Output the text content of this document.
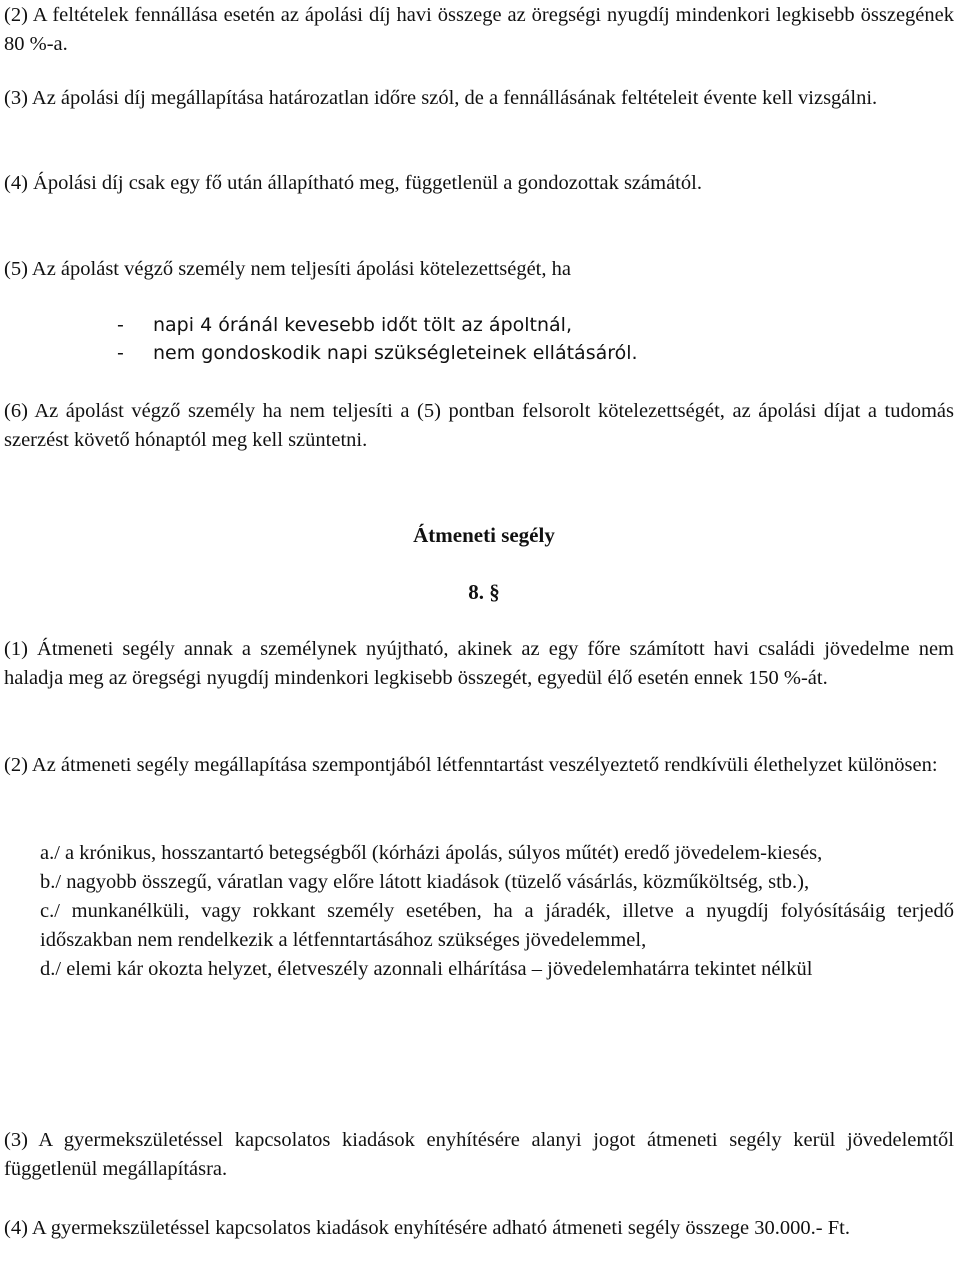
(2) A feltételek fennállása esetén az ápolási díj havi összege az öregségi nyugdíj mindenkori legkisebb összegének 80 %-a.

(3) Az ápolási díj megállapítása határozatlan időre szól, de a fennállásának feltételeit évente kell vizsgálni.

(4) Ápolási díj csak egy fő után állapítható meg, függetlenül a gondozottak számától.

(5) Az ápolást végző személy nem teljesíti ápolási kötelezettségét, ha

- napi 4 óránál kevesebb időt tölt az ápoltnál,
- nem gondoskodik napi szükségleteinek ellátásáról.

(6) Az ápolást végző személy ha nem teljesíti a (5) pontban felsorolt kötelezettségét, az ápolási díjat a tudomás szerzést követő hónaptól meg kell szüntetni.

Átmeneti segély
8. §

(1) Átmeneti segély annak a személynek nyújtható, akinek az egy főre számított havi családi jövedelme nem haladja meg az öregségi nyugdíj mindenkori legkisebb összegét, egyedül élő esetén ennek 150 %-át.

(2) Az átmeneti segély megállapítása szempontjából létfenntartást veszélyeztető rendkívüli élethelyzet különösen:

a./ a krónikus, hosszantartó betegségből (kórházi ápolás, súlyos műtét) eredő jövedelem-kiesés,
b./ nagyobb összegű, váratlan vagy előre látott kiadások (tüzelő vásárlás, közműköltség, stb.),
c./ munkanélküli, vagy rokkant személy esetében, ha a járadék, illetve a nyugdíj folyósításáig terjedő időszakban nem rendelkezik a létfenntartásához szükséges jövedelemmel,
d./ elemi kár okozta helyzet, életveszély azonnali elhárítása – jövedelemhatárra tekintet nélkül

(3) A gyermekszületéssel kapcsolatos kiadások enyhítésére alanyi jogot átmeneti segély kerül jövedelemtől függetlenül megállapításra.

(4) A gyermekszületéssel kapcsolatos kiadások enyhítésére adható átmeneti segély összege 30.000.- Ft.
